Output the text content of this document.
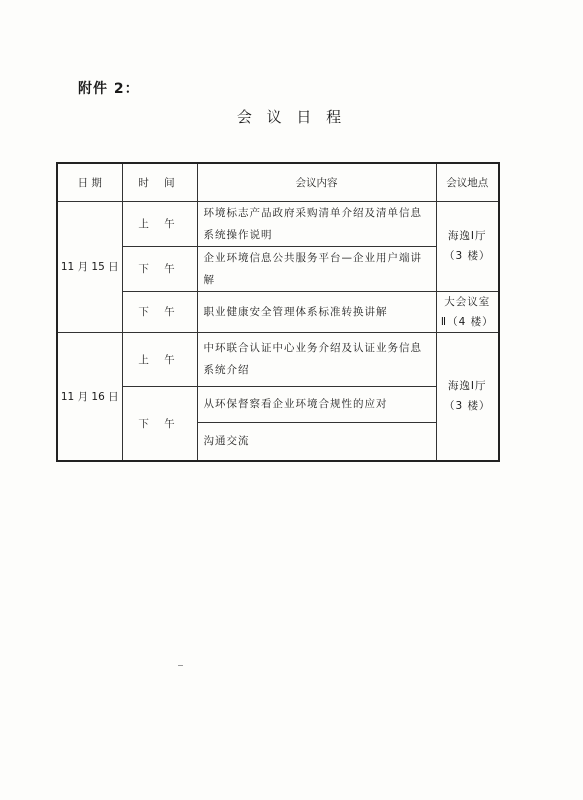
附件 2：
会 议 日 程
日 期	时 间	会议内容	会议地点
11 月 15 日	上 午	环境标志产品政府采购清单介绍及清单信息系统操作说明	海逸Ⅰ厅
（3 楼）

	下 午	企业环境信息公共服务平台—企业用户端讲解	
	下 午	职业健康安全管理体系标准转换讲解	大会议室
Ⅱ（4 楼）

11 月 16 日	上 午	中环联合认证中心业务介绍及认证业务信息系统介绍	海逸Ⅰ厅
（3 楼）

	下 午	从环保督察看企业环境合规性的应对	
		沟通交流	
